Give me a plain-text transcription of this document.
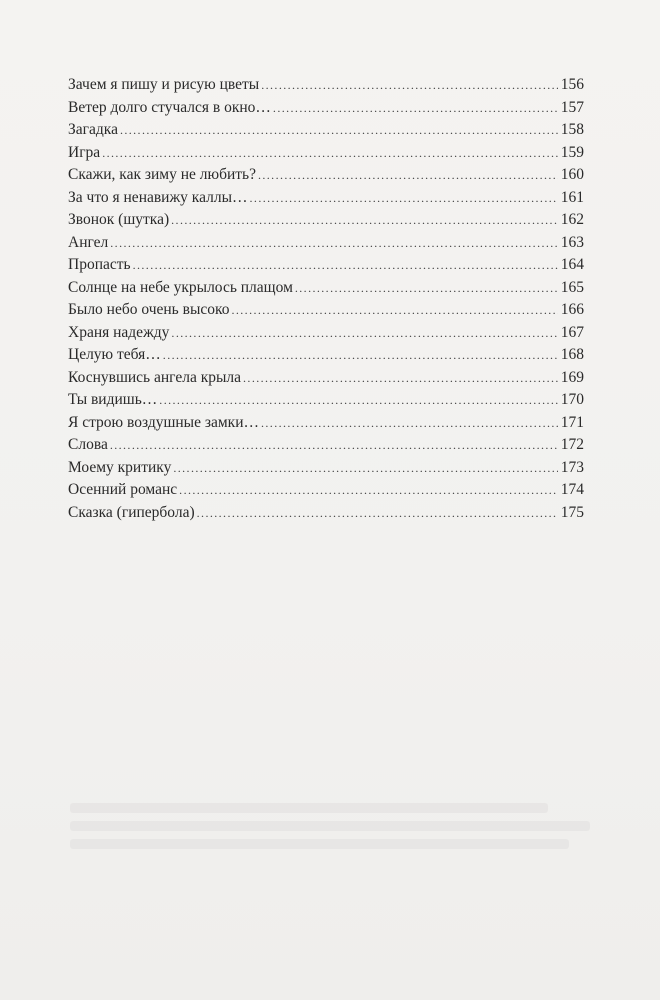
Зачем я пишу и рисую цветы .....	156
Ветер долго стучался в окно… .....	157
Загадка .....	158
Игра .....	159
Скажи, как зиму не любить? .....	160
За что я ненавижу каллы… .....	161
Звонок (шутка) .....	162
Ангел .....	163
Пропасть .....	164
Солнце на небе укрылось плащом .....	165
Было небо очень высоко .....	166
Храня надежду .....	167
Целую тебя… .....	168
Коснувшись ангела крыла .....	169
Ты видишь… .....	170
Я строю воздушные замки… .....	171
Слова .....	172
Моему критику .....	173
Осенний романс .....	174
Сказка (гипербола) .....	175
